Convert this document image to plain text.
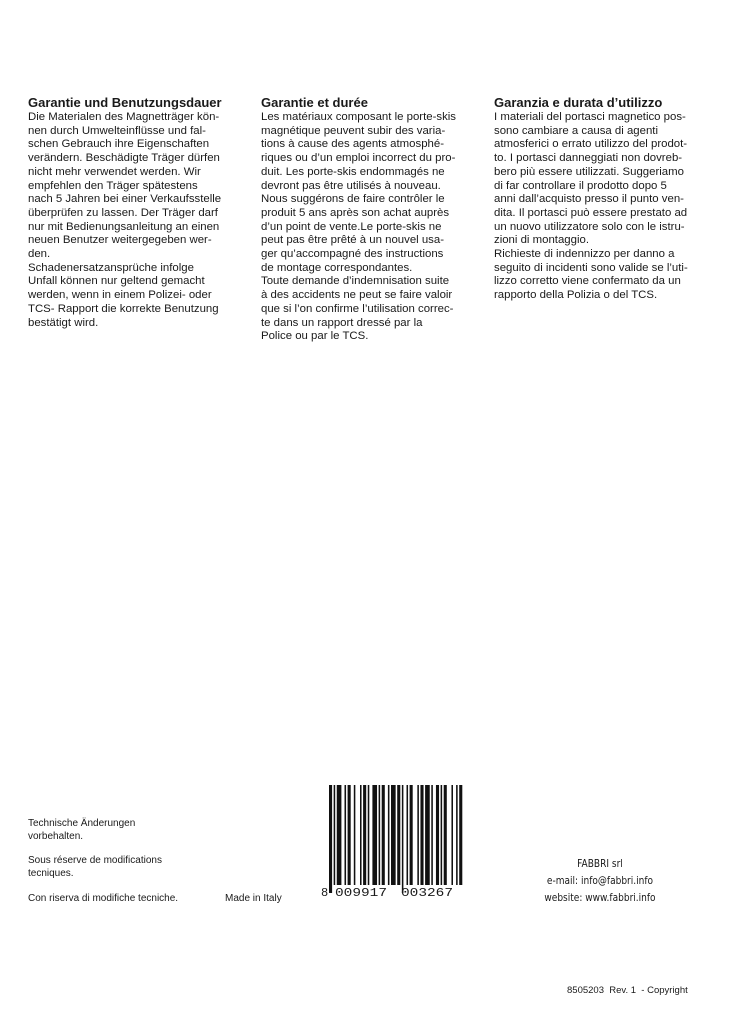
Garantie und Benutzungsdauer
Die Materialen des Magnetträger kön-
nen durch Umwelteinflüsse und fal-
schen Gebrauch ihre Eigenschaften
verändern. Beschädigte Träger dürfen
nicht mehr verwendet werden. Wir
empfehlen den Träger spätestens
nach 5 Jahren bei einer Verkaufsstelle
überprüfen zu lassen. Der Träger darf
nur mit Bedienungsanleitung an einen
neuen Benutzer weitergegeben wer-
den.
Schadenersatzansprüche infolge
Unfall können nur geltend gemacht
werden, wenn in einem Polizei- oder
TCS- Rapport die korrekte Benutzung
bestätigt wird.
Garantie et durée
Les matériaux composant le porte-skis
magnétique peuvent subir des varia-
tions à cause des agents atmosphé-
riques ou d’un emploi incorrect du pro-
duit. Les porte-skis endommagés ne
devront pas être utilisés à nouveau.
Nous suggérons de faire contrôler le
produit 5 ans après son achat auprès
d’un point de vente.Le porte-skis ne
peut pas être prêté à un nouvel usa-
ger qu’accompagné des instructions
de montage correspondantes.
Toute demande d’indemnisation suite
à des accidents ne peut se faire valoir
que si l’on confirme l’utilisation correc-
te dans un rapport dressé par la
Police ou par le TCS.
Garanzia e durata d’utilizzo
I materiali del portasci magnetico pos-
sono cambiare a causa di agenti
atmosferici o errato utilizzo del prodot-
to. I portasci danneggiati non dovreb-
bero più essere utilizzati. Suggeriamo
di far controllare il prodotto dopo 5
anni dall’acquisto presso il punto ven-
dita. Il portasci può essere prestato ad
un nuovo utilizzatore solo con le istru-
zioni di montaggio.
Richieste di indennizzo per danno a
seguito di incidenti sono valide se l’uti-
lizzo corretto viene confermato da un
rapporto della Polizia o del TCS.
Technische Änderungen
vorbehalten.
Sous réserve de modifications
tecniques.
Con riserva di modifiche tecniche.	Made in Italy	8 009917 003267
FABBRI srl
e-mail: info@fabbri.info
website: www.fabbri.info
8505203  Rev. 1  - Copyright
